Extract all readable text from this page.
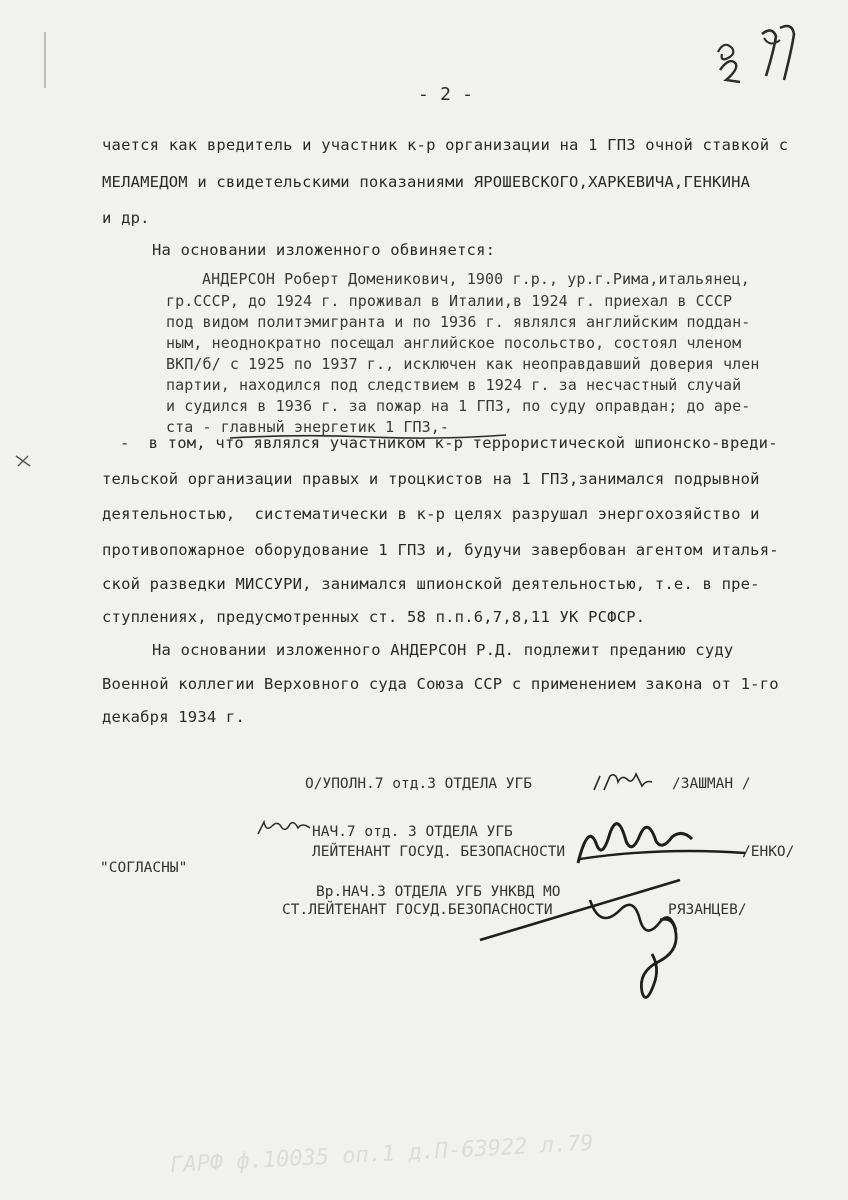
- 2 -
чается как вредитель и участник к-р организации на 1 ГПЗ очной ставкой с
МЕЛАМЕДОМ и свидетельскими показаниями ЯРОШЕВСКОГО,ХАРКЕВИЧА,ГЕНКИНА
и др.
На основании изложенного обвиняется:
АНДЕРСОН Роберт Доменикович, 1900 г.р., ур.г.Рима,итальянец,
гр.СССР, до 1924 г. проживал в Италии,в 1924 г. приехал в СССР
под видом политэмигранта и по 1936 г. являлся английским поддан-
ным, неоднократно посещал английское посольство, состоял членом
ВКП/б/ с 1925 по 1937 г., исключен как неоправдавший доверия член
партии, находился под следствием в 1924 г. за несчастный случай
и судился в 1936 г. за пожар на 1 ГПЗ, по суду оправдан; до аре-
ста - главный энергетик 1 ГПЗ,-
-  в том, что являлся участником к-р террористической шпионско-вреди-
тельской организации правых и троцкистов на 1 ГПЗ,занимался подрывной
деятельностью,  систематически в к-р целях разрушал энергохозяйство и
противопожарное оборудование 1 ГПЗ и, будучи завербован агентом италья-
ской разведки МИССУРИ, занимался шпионской деятельностью, т.е. в пре-
ступлениях, предусмотренных ст. 58 п.п.6,7,8,11 УК РСФСР.
На основании изложенного АНДЕРСОН Р.Д. подлежит преданию суду
Военной коллегии Верховного суда Союза ССР с применением закона от 1-го
декабря 1934 г.
О/УПОЛН.7 отд.3 ОТДЕЛА УГБ	/ЗАШМАН /
"СОГЛАСНЫ"
НАЧ.7 отд. 3 ОТДЕЛА УГБ
ЛЕЙТЕНАНТ ГОСУД. БЕЗОПАСНОСТИ	/ЕНКО/
Вр.НАЧ.3 ОТДЕЛА УГБ УНКВД МО
СТ.ЛЕЙТЕНАНТ ГОСУД.БЕЗОПАСНОСТИ	РЯЗАНЦЕВ/
ГАРФ ф.10035 оп.1 д.П-63922 л.79
